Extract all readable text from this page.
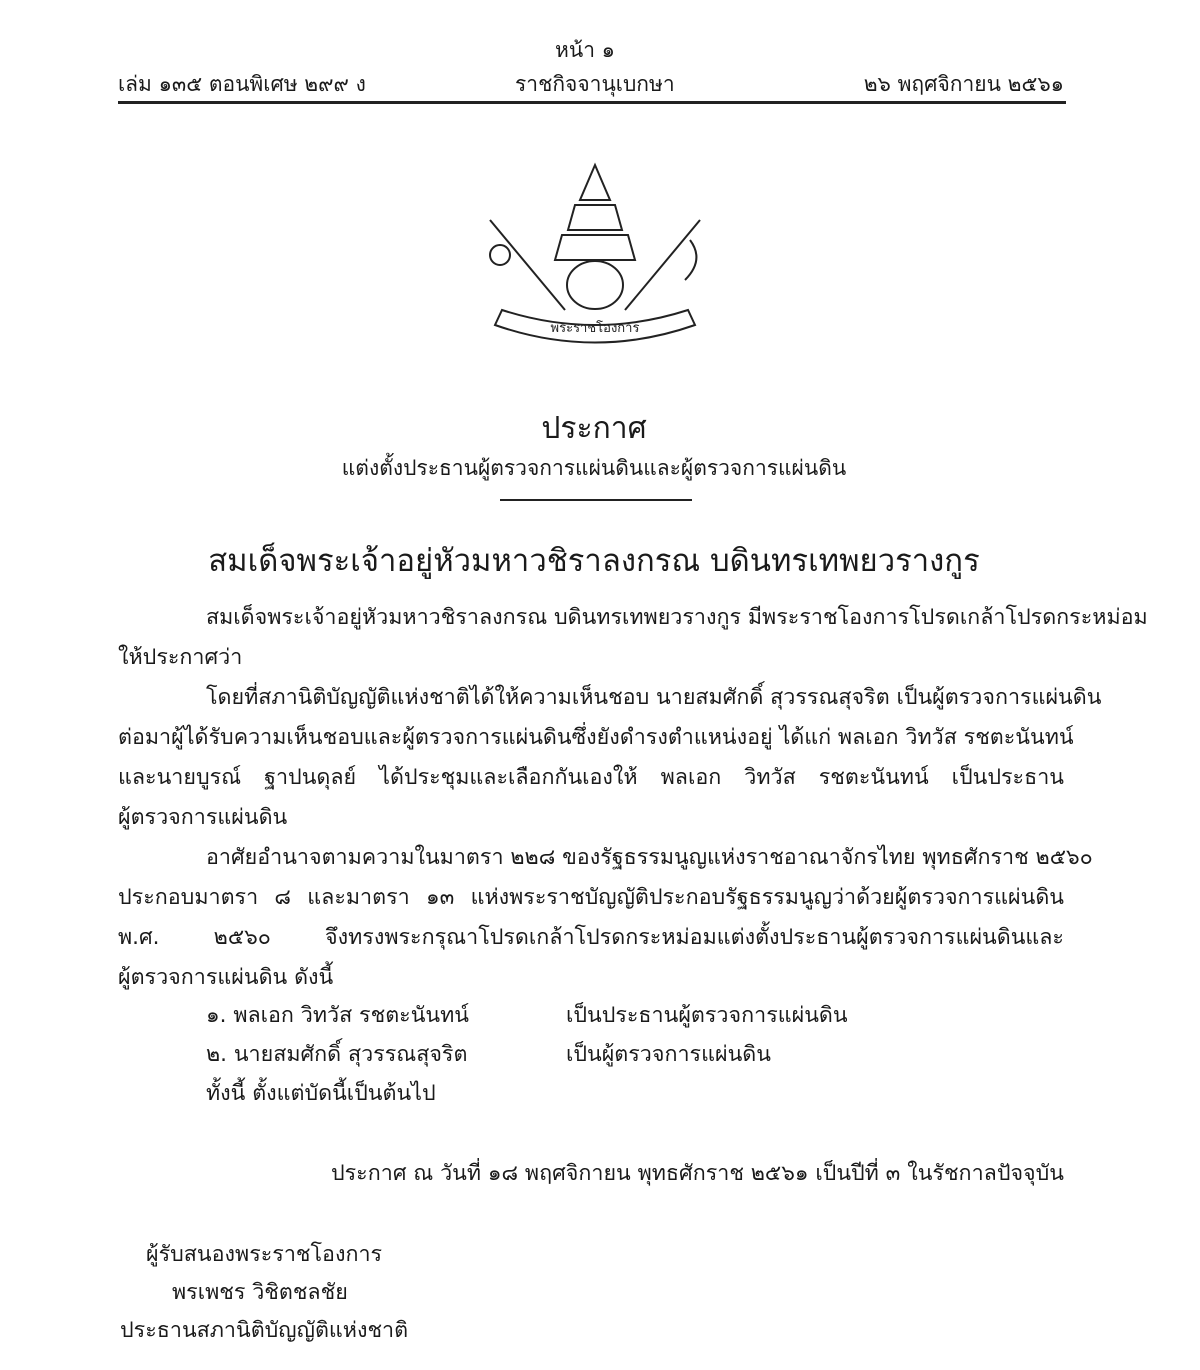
หน้า ๑
เล่ม ๑๓๕ ตอนพิเศษ ๒๙๙ ง	ราชกิจจานุเบกษา	๒๖ พฤศจิกายน ๒๕๖๑
พระราชโองการ
ประกาศ
แต่งตั้งประธานผู้ตรวจการแผ่นดินและผู้ตรวจการแผ่นดิน
สมเด็จพระเจ้าอยู่หัวมหาวชิราลงกรณ บดินทรเทพยวรางกูร
สมเด็จพระเจ้าอยู่หัวมหาวชิราลงกรณ บดินทรเทพยวรางกูร มีพระราชโองการโปรดเกล้าโปรดกระหม่อม
ให้ประกาศว่า
โดยที่สภานิติบัญญัติแห่งชาติได้ให้ความเห็นชอบ นายสมศักดิ์ สุวรรณสุจริต เป็นผู้ตรวจการแผ่นดิน
ต่อมาผู้ได้รับความเห็นชอบและผู้ตรวจการแผ่นดินซึ่งยังดำรงตำแหน่งอยู่ ได้แก่ พลเอก วิทวัส รชตะนันทน์
และนายบูรณ์ ฐาปนดุลย์ ได้ประชุมและเลือกกันเองให้ พลเอก วิทวัส รชตะนันทน์ เป็นประธาน
ผู้ตรวจการแผ่นดิน
อาศัยอำนาจตามความในมาตรา ๒๒๘ ของรัฐธรรมนูญแห่งราชอาณาจักรไทย พุทธศักราช ๒๕๖๐
ประกอบมาตรา ๘ และมาตรา ๑๓ แห่งพระราชบัญญัติประกอบรัฐธรรมนูญว่าด้วยผู้ตรวจการแผ่นดิน
พ.ศ. ๒๕๖๐ จึงทรงพระกรุณาโปรดเกล้าโปรดกระหม่อมแต่งตั้งประธานผู้ตรวจการแผ่นดินและ
ผู้ตรวจการแผ่นดิน ดังนี้
๑. พลเอก วิทวัส รชตะนันทน์	เป็นประธานผู้ตรวจการแผ่นดิน
๒. นายสมศักดิ์ สุวรรณสุจริต	เป็นผู้ตรวจการแผ่นดิน
ทั้งนี้ ตั้งแต่บัดนี้เป็นต้นไป
ประกาศ ณ วันที่ ๑๘ พฤศจิกายน พุทธศักราช ๒๕๖๑ เป็นปีที่ ๓ ในรัชกาลปัจจุบัน
ผู้รับสนองพระราชโองการ
พรเพชร วิชิตชลชัย
ประธานสภานิติบัญญัติแห่งชาติ
